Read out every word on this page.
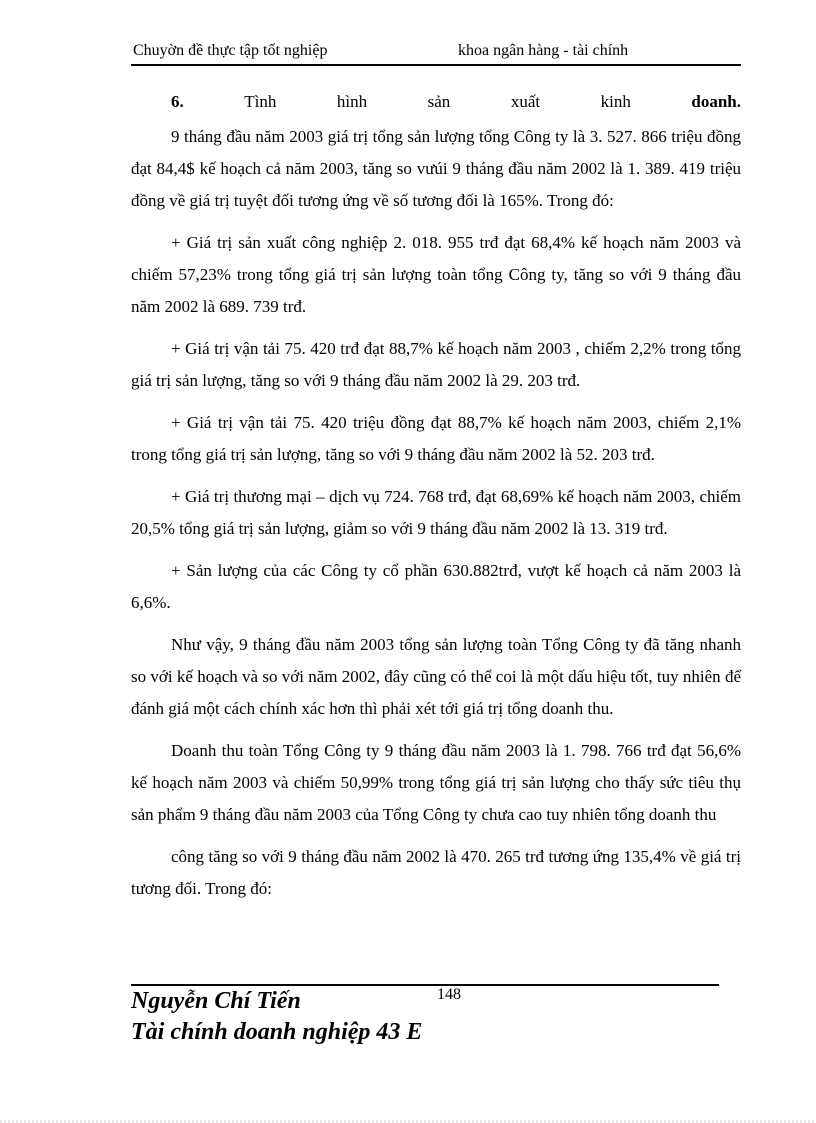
Chuyờn đề thực tập tốt nghiệp	khoa ngân hàng - tài chính
6.	Tình	hình	sản	xuất	kinh	doanh.

9 tháng đầu năm 2003 giá trị tổng sản lượng tổng Công ty là 3. 527. 866 triệu đồng đạt 84,4$ kế hoạch cả năm 2003, tăng so vưúi 9 tháng đầu năm 2002 là 1. 389. 419 triệu đồng về giá trị tuyệt đối tương ứng về số tương đối là 165%. Trong đó:

+ Giá trị sản xuất công nghiệp 2. 018. 955 trđ đạt 68,4% kế hoạch năm 2003 và chiếm 57,23% trong tổng giá trị sản lượng toàn tổng Công ty, tăng so với 9 tháng đầu năm 2002 là 689. 739 trđ.

+ Giá trị vận tải 75. 420 trđ đạt 88,7% kế hoạch năm 2003 , chiếm 2,2% trong tổng giá trị sản lượng, tăng so với 9 tháng đầu năm 2002 là 29. 203 trđ.

+ Giá trị vận tải 75. 420 triệu đồng đạt 88,7% kế hoạch năm 2003, chiếm 2,1% trong tổng giá trị sản lượng, tăng so với 9 tháng đầu năm 2002 là 52. 203 trđ.

+ Giá trị thương mại – dịch vụ 724. 768 trđ, đạt 68,69% kế hoạch năm 2003, chiếm 20,5% tổng giá trị sản lượng, giảm so với 9 tháng đầu năm 2002 là 13. 319 trđ.

+ Sản lượng của các Công ty cổ phần 630.882trđ, vượt kế hoạch cả năm 2003 là 6,6%.

Như vậy, 9 tháng đầu năm 2003 tổng sản lượng toàn Tổng Công ty đã tăng nhanh so với kế hoạch và so với năm 2002, đây cũng có thể coi là một dấu hiệu tốt, tuy nhiên để đánh giá một cách chính xác hơn thì phải xét tới giá trị tổng doanh thu.

Doanh thu toàn Tổng Công ty 9 tháng đầu năm 2003 là 1. 798. 766 trđ đạt 56,6% kế hoạch năm 2003 và chiếm 50,99% trong tổng giá trị sản lượng cho thấy sức tiêu thụ sản phẩm 9 tháng đầu năm 2003 của Tổng Công ty chưa cao tuy nhiên tổng doanh thu

công tăng so với 9 tháng đầu năm 2002 là 470. 265 trđ tương ứng 135,4% về giá trị tương đối. Trong đó:

148
Nguyễn Chí Tiến
Tài chính doanh nghiệp 43 E
